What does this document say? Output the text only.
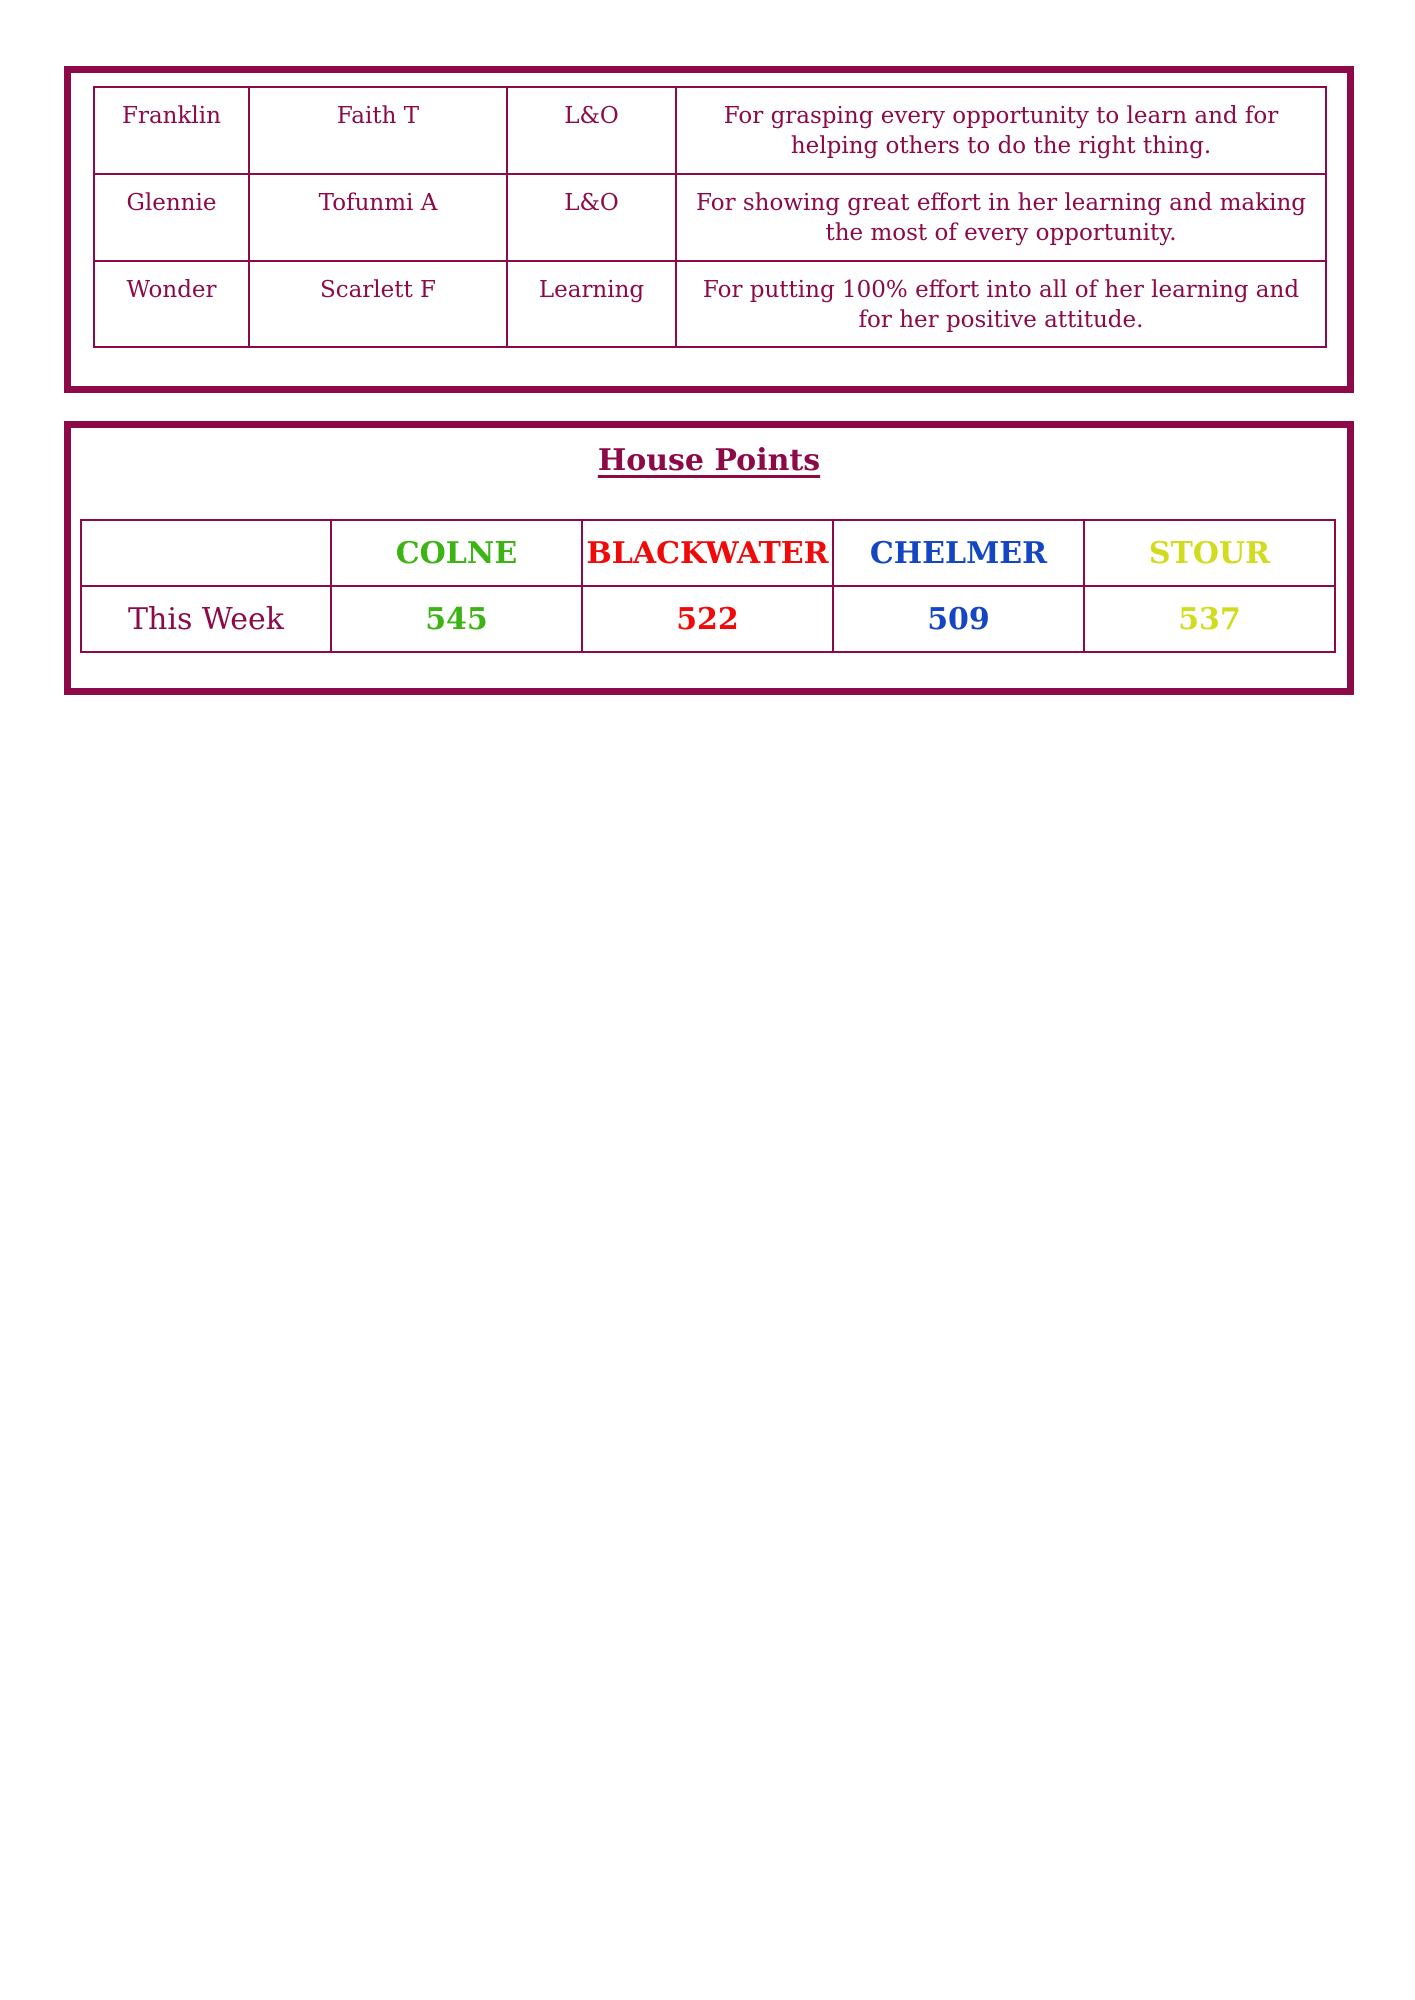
Franklin	Faith T	L&O	For grasping every opportunity to learn and for helping others to do the right thing.
Glennie	Tofunmi A	L&O	For showing great effort in her learning and making the most of every opportunity.
Wonder	Scarlett F	Learning	For putting 100% effort into all of her learning and for her positive attitude.
House Points
	COLNE	BLACKWATER	CHELMER	STOUR
This Week	545	522	509	537
